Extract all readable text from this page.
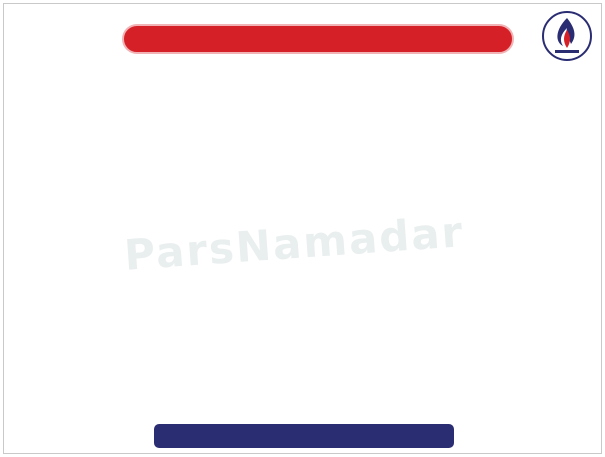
ParsNamadar
